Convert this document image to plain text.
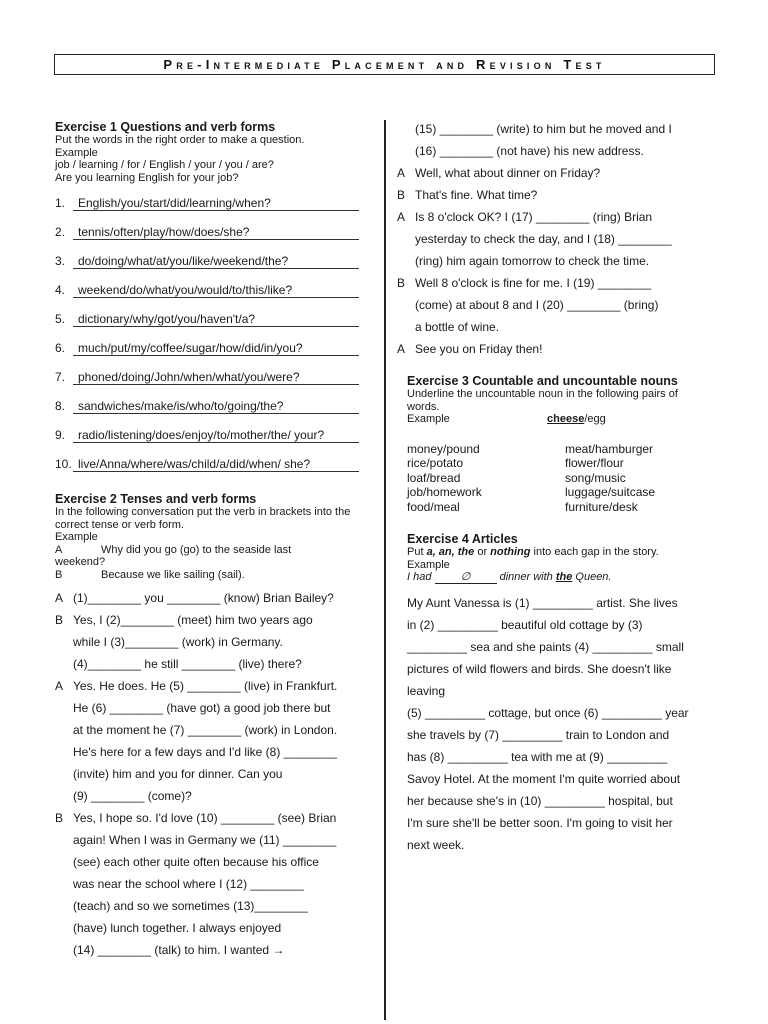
Pre-Intermediate Placement and Revision Test
Exercise 1 Questions and verb forms
Put the words in the right order to make a question.
Example
job / learning / for / English / your / you / are?
Are you learning English for your job?
1.	English/you/start/did/learning/when?
2.	tennis/often/play/how/does/she?
3.	do/doing/what/at/you/like/weekend/the?
4.	weekend/do/what/you/would/to/this/like?
5.	dictionary/why/got/you/haven't/a?
6.	much/put/my/coffee/sugar/how/did/in/you?
7.	phoned/doing/John/when/what/you/were?
8.	sandwiches/make/is/who/to/going/the?
9.	radio/listening/does/enjoy/to/mother/the/ your?
10. live/Anna/where/was/child/a/did/when/ she?
Exercise 2 Tenses and verb forms
In the following conversation put the verb in brackets into the correct tense or verb form.
Example
A	Why did you go (go) to the seaside last
weekend?
B	Because we like sailing (sail).
A (1)________ you ________ (know) Brian Bailey?
B Yes, I (2)________ (meet) him two years ago
while I (3)________ (work) in Germany.
(4)________ he still ________ (live) there?
A Yes. He does. He (5) ________ (live) in Frankfurt.
He (6) ________ (have got) a good job there but
at the moment he (7) ________ (work) in London.
He's here for a few days and I'd like (8) ________
(invite) him and you for dinner. Can you
(9) ________ (come)?
B Yes, I hope so. I'd love (10) ________ (see) Brian
again! When I was in Germany we (11) ________
(see) each other quite often because his office
was near the school where I (12) ________
(teach) and so we sometimes (13)________
(have) lunch together. I always enjoyed
(14) ________ (talk) to him. I wanted →
(15) ________ (write) to him but he moved and I
(16) ________ (not have) his new address.
A Well, what about dinner on Friday?
B That's fine. What time?
A Is 8 o'clock OK? I (17) ________ (ring) Brian
yesterday to check the day, and I (18) ________
(ring) him again tomorrow to check the time.
B Well 8 o'clock is fine for me. I (19) ________
(come) at about 8 and I (20) ________ (bring)
a bottle of wine.
A See you on Friday then!
Exercise 3 Countable and uncountable nouns
Underline the uncountable noun in the following pairs of words.
Example	cheese/egg
money/pound	meat/hamburger
rice/potato	flower/flour
loaf/bread	song/music
job/homework	luggage/suitcase
food/meal	furniture/desk
Exercise 4 Articles
Put a, an, the or nothing into each gap in the story.
Example
I had ∅ dinner with the Queen.
My Aunt Vanessa is (1) _________ artist. She lives
in (2) _________ beautiful old cottage by (3)
_________ sea and she paints (4) _________ small
pictures of wild flowers and birds. She doesn't like
leaving
(5) _________ cottage, but once (6) _________ year
she travels by (7) _________ train to London and
has (8) _________ tea with me at (9) _________
Savoy Hotel. At the moment I'm quite worried about
her because she's in (10) _________ hospital, but
I'm sure she'll be better soon. I'm going to visit her
next week.
